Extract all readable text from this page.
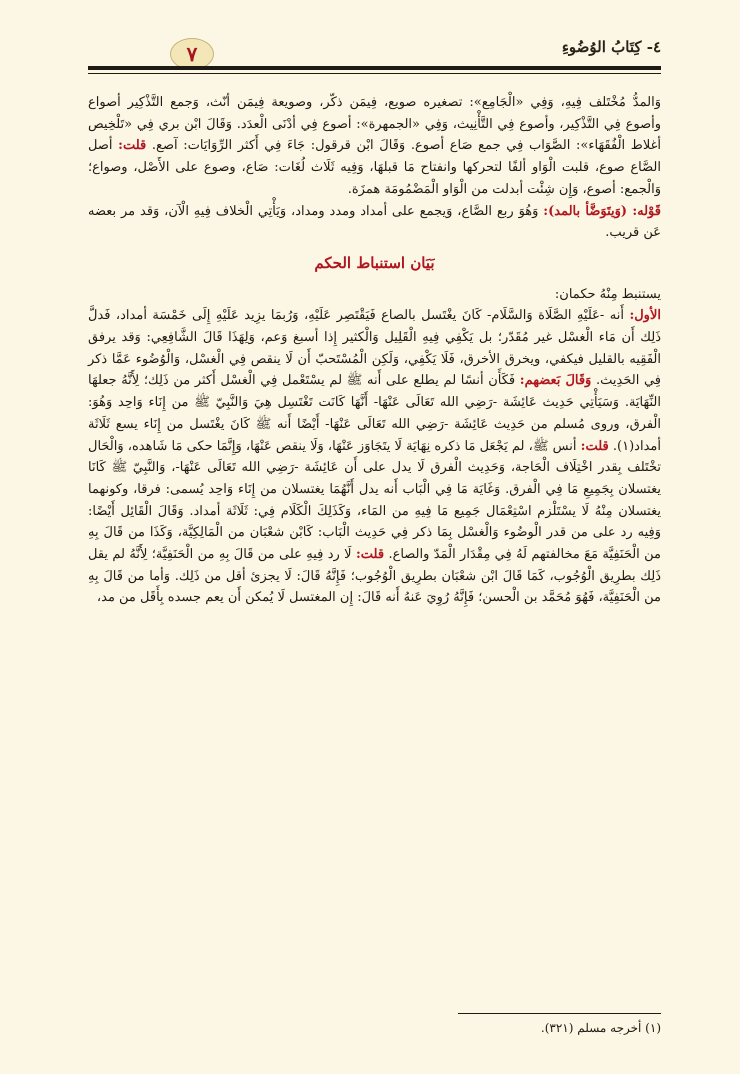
٤- كِتَابُ الوُضُوءِ
٧

وَالمدُّ مُخْتَلف فِيهِ، وَفِي «الْجَامِع»: تصغيره صويع، فِيمَن ذكّر، وصويعة فِيمَن أنّث، وَجمع التَّذْكِير أصواع وأصوع فِي التَّذْكِير، وأصوع فِي التَّأْنِيث، وَفِي «الجمهرة»: أصوع فِي أدْنَى الْعدَد. وَقَالَ ابْن بري فِي «تَلْخِيص أغلاط الْفُقَهَاء»: الصَّوَاب فِي جمع صَاع أصوع. وَقَالَ ابْن قرقول: جَاءَ فِي أَكثر الرِّوَايَات: آصع. قلت: أصل الصَّاع صوع، قلبت الْوَاو ألفًا لتحركها وانفتاح مَا قبلهَا، وَفِيه ثَلَاث لُغَات: صَاع، وصوع على الأَصْل، وصواع؛ وَالْجمع: أصوع، وَإِن شِئْت أبدلت من الْوَاو الْمَضْمُومَة همزَة.

قَوْله: (وَيتَوَضَّأ بالمد): وَهُوَ ربع الصَّاع، وَيجمع على أمداد ومدد ومداد، وَيَأْتِي الْخلاف فِيهِ الْآن، وَقد مر بعضه عَن قريب.

بَيَان استنباط الحكم

يستنبط مِنْهُ حكمان:

الأول: أَنه -عَلَيْهِ الصَّلَاة وَالسَّلَام- كَانَ يغْتَسل بالصاع فَيَقْتَصِر عَلَيْهِ، وَرُبمَا يزِيد عَلَيْهِ إِلَى خَمْسَة أمداد، فَدلَّ ذَلِك أَن مَاء الْغسْل غير مُقَدّر؛ بل يَكْفِي فِيهِ الْقَلِيل وَالْكثير إِذا أسبغ وَعم، وَلِهَذَا قَالَ الشَّافِعِي: وَقد يرفق الْفَقِيه بالقليل فيكفي، ويخرق الأخرق، فَلَا يَكْفِي، وَلَكِن الْمُسْتَحبّ أَن لَا ينقص فِي الْغسْل، وَالْوُضُوء عَمَّا ذكر فِي الحَدِيث. وَقَالَ بَعضهم: فَكَأَن أنسًا لم يطلع على أَنه ﷺ لم يسْتَعْمل فِي الْغسْل أَكثر من ذَلِك؛ لِأَنَّهُ جعلهَا النِّهَايَة. وَسَيَأْتِي حَدِيث عَائِشَة -رَضِي الله تَعَالَى عَنْهَا- أَنَّهَا كَانَت تَغْتَسِل هِيَ وَالنَّبِيّ ﷺ من إِنَاء وَاحِد وَهُوَ: الْفرق، وروى مُسلم من حَدِيث عَائِشَة -رَضِي الله تَعَالَى عَنْهَا- أَيْضًا أَنه ﷺ كَانَ يغْتَسل من إِنَاء يسع ثَلَاثَة أمداد(١). قلت: أنس ﷺ، لم يَجْعَل مَا ذكره نِهَايَة لَا يتَجَاوَز عَنْهَا، وَلَا ينقص عَنْهَا، وَإِنَّمَا حكى مَا شَاهده، وَالْحَال تخْتَلف بِقدر اخْتِلَاف الْحَاجة، وَحَدِيث الْفرق لَا يدل على أَن عَائِشَة -رَضِي الله تَعَالَى عَنْهَا-، وَالنَّبِيّ ﷺ كَانَا يغتسلان بِجَمِيعِ مَا فِي الْفرق. وَغَايَة مَا فِي الْبَاب أَنه يدل أَنَّهُمَا يغتسلان من إِنَاء وَاحِد يُسمى: فرقا، وكونهما يغتسلان مِنْهُ لَا يسْتَلْزم اسْتِعْمَال جَمِيع مَا فِيهِ من المَاء، وَكَذَلِكَ الْكَلَام فِي: ثَلَاثَة أمداد. وَقَالَ الْقَائِل أَيْضًا: وَفِيه رد على من قدر الْوضُوء وَالْغسْل بِمَا ذكر فِي حَدِيث الْبَاب: كَابْن شعْبَان من الْمَالِكِيَّة، وَكَذَا من قَالَ بِهِ من الْحَنَفِيَّة مَعَ مخالفتهم لَهُ فِي مِقْدَار الْمَدّ والصاع. قلت: لَا رد فِيهِ على من قَالَ بِهِ من الْحَنَفِيَّة؛ لِأَنَّهُ لم يقل ذَلِك بطرِيق الْوُجُوب، كَمَا قَالَ ابْن شعْبَان بطرِيق الْوُجُوب؛ فَإِنَّهُ قَالَ: لَا يجزئ أقل من ذَلِك. وَأما من قَالَ بِهِ من الْحَنَفِيَّة، فَهُوَ مُحَمَّد بن الْحسن؛ فَإِنَّهُ رُوِيَ عَنهُ أَنه قَالَ: إِن المغتسل لَا يُمكن أَن يعم جسده بِأَقَل من مد،

(١) أخرجه مسلم (٣٢١).
